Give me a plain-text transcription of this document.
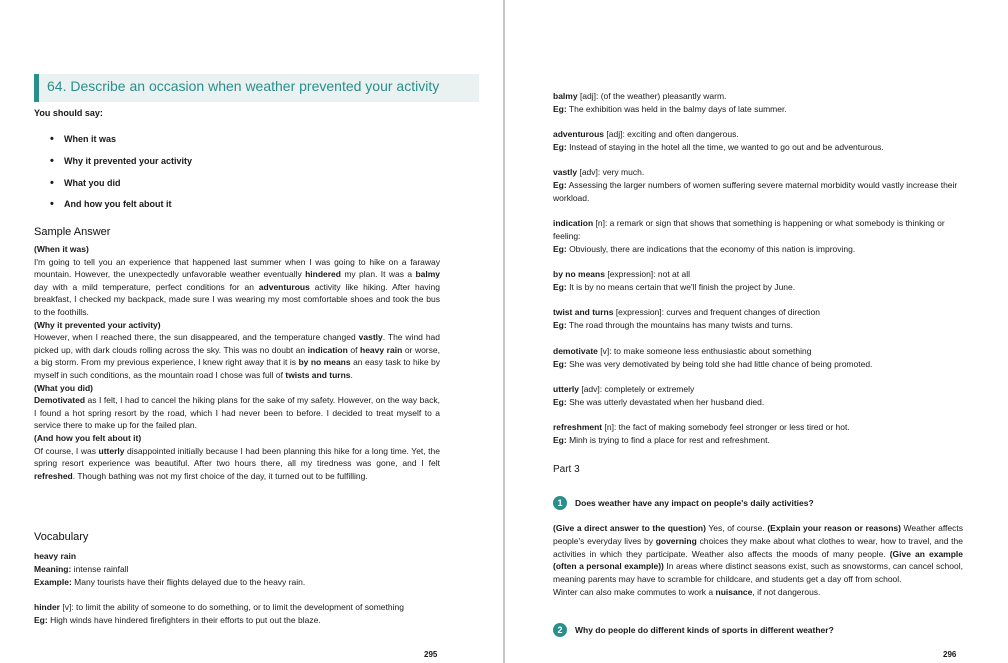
64. Describe an occasion when weather prevented your activity
You should say:
• When it was
• Why it prevented your activity
• What you did
• And how you felt about it
Sample Answer
(When it was)
I'm going to tell you an experience that happened last summer when I was going to hike on a faraway mountain. However, the unexpectedly unfavorable weather eventually hindered my plan. It was a balmy day with a mild temperature, perfect conditions for an adventurous activity like hiking. After having breakfast, I checked my backpack, made sure I was wearing my most comfortable shoes and took the bus to the foothills.
(Why it prevented your activity)
However, when I reached there, the sun disappeared, and the temperature changed vastly. The wind had picked up, with dark clouds rolling across the sky. This was no doubt an indication of heavy rain or worse, a big storm. From my previous experience, I knew right away that it is by no means an easy task to hike by myself in such conditions, as the mountain road I chose was full of twists and turns.
(What you did)
Demotivated as I felt, I had to cancel the hiking plans for the sake of my safety. However, on the way back, I found a hot spring resort by the road, which I had never been to before. I decided to treat myself to a service there to make up for the failed plan.
(And how you felt about it)
Of course, I was utterly disappointed initially because I had been planning this hike for a long time. Yet, the spring resort experience was beautiful. After two hours there, all my tiredness was gone, and I felt refreshed. Though bathing was not my first choice of the day, it turned out to be fulfilling.
Vocabulary
heavy rain
Meaning: intense rainfall
Example: Many tourists have their flights delayed due to the heavy rain.
hinder [v]: to limit the ability of someone to do something, or to limit the development of something
Eg: High winds have hindered firefighters in their efforts to put out the blaze.
295
balmy [adj]: (of the weather) pleasantly warm.
Eg: The exhibition was held in the balmy days of late summer.
adventurous [adj]: exciting and often dangerous.
Eg: Instead of staying in the hotel all the time, we wanted to go out and be adventurous.
vastly [adv]: very much.
Eg: Assessing the larger numbers of women suffering severe maternal morbidity would vastly increase their workload.
indication [n]: a remark or sign that shows that something is happening or what somebody is thinking or feeling:
Eg: Obviously, there are indications that the economy of this nation is improving.
by no means [expression]: not at all
Eg: It is by no means certain that we'll finish the project by June.
twist and turns [expression]: curves and frequent changes of direction
Eg: The road through the mountains has many twists and turns.
demotivate [v]: to make someone less enthusiastic about something
Eg: She was very demotivated by being told she had little chance of being promoted.
utterly [adv]: completely or extremely
Eg: She was utterly devastated when her husband died.
refreshment [n]: the fact of making somebody feel stronger or less tired or hot.
Eg: Minh is trying to find a place for rest and refreshment.
Part 3
1 Does weather have any impact on people's daily activities?
(Give a direct answer to the question) Yes, of course. (Explain your reason or reasons) Weather affects people's everyday lives by governing choices they make about what clothes to wear, how to travel, and the activities in which they participate. Weather also affects the moods of many people. (Give an example (often a personal example)) In areas where distinct seasons exist, such as snowstorms, can cancel school, meaning parents may have to scramble for childcare, and students get a day off from school.
Winter can also make commutes to work a nuisance, if not dangerous.
2 Why do people do different kinds of sports in different weather?
296
